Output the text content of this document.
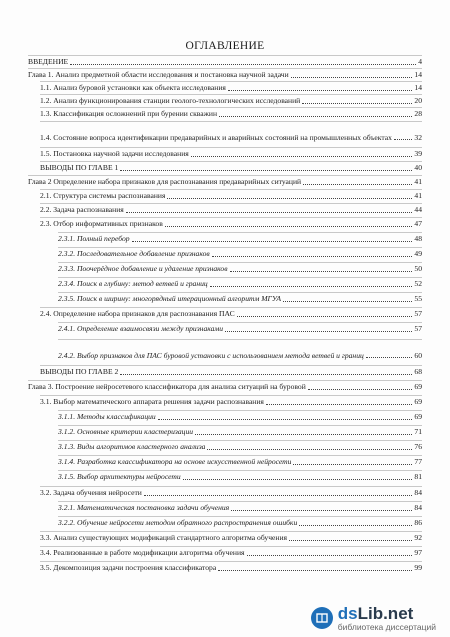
ОГЛАВЛЕНИЕ
ВВЕДЕНИЕ	4
Глава 1. Анализ предметной области исследования и постановка научной задачи	14
1.1. Анализ буровой установки как объекта исследования	14
1.2. Анализ функционирования станции геолого-технологических исследований	20
1.3. Классификация осложнений при бурении скважин	28
1.4. Состояние вопроса идентификации предаварийных и аварийных состояний на промышленных объектах	32
1.5. Постановка научной задачи исследования	39
ВЫВОДЫ ПО ГЛАВЕ 1	40
Глава 2 Определение набора признаков для распознавания предаварийных ситуаций	41
2.1. Структура системы распознавания	41
2.2. Задача распознавания	44
2.3. Отбор информативных признаков	47
2.3.1. Полный перебор	48
2.3.2. Последовательное добавление признаков	49
2.3.3. Поочерёдное добавление и удаление признаков	50
2.3.4. Поиск в глубину: метод ветвей и границ	52
2.3.5. Поиск в ширину: многорядный итерационный алгоритм МГУА	55
2.4. Определение набора признаков для распознавания ПАС	57
2.4.1. Определение взаимосвязи между признаками	57
2.4.2. Выбор признаков для ПАС буровой установки с использованием метода ветвей и границ	60
ВЫВОДЫ ПО ГЛАВЕ 2	68
Глава 3. Построение нейросетевого классификатора для анализа ситуаций на буровой	69
3.1. Выбор математического аппарата решения задачи распознавания	69
3.1.1. Методы классификации	69
3.1.2. Основные критерии кластеризации	71
3.1.3. Виды алгоритмов кластерного анализа	76
3.1.4. Разработка классификатора на основе искусственной нейросети	77
3.1.5. Выбор архитектуры нейросети	81
3.2. Задача обучения нейросети	84
3.2.1. Математическая постановка задачи обучения	84
3.2.2. Обучение нейросети методом обратного распространения ошибки	86
3.3. Анализ существующих модификаций стандартного алгоритма обучения	92
3.4. Реализованные в работе модификации алгоритма обучения	97
3.5. Декомпозиция задачи построения классификатора	99
dsLib.net
библиотека диссертаций
